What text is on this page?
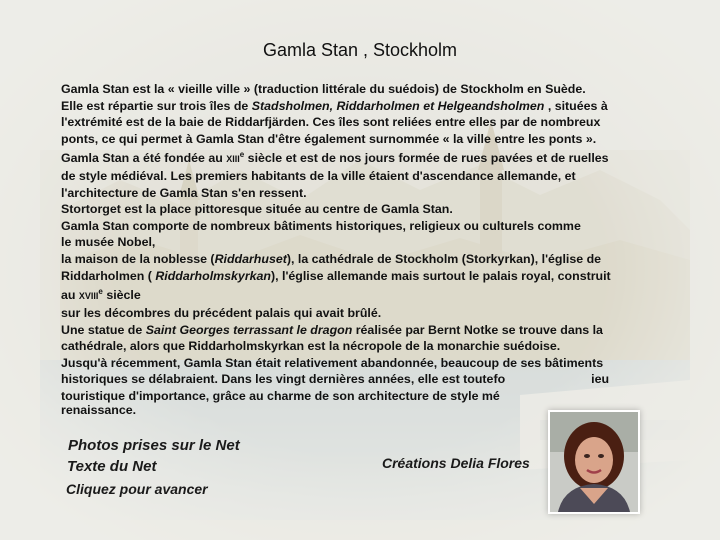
Gamla Stan , Stockholm

Gamla Stan est la « vieille ville » (traduction littérale du suédois) de Stockholm en Suède.

Elle est répartie sur trois îles de Stadsholmen, Riddarholmen et Helgeandsholmen , situées à

l'extrémité est de la baie de Riddarfjärden. Ces îles sont reliées entre elles par de nombreux

ponts, ce qui permet à Gamla Stan d'être également surnommée « la ville entre les ponts ».

Gamla Stan a été fondée au XIIIe siècle et est de nos jours formée de rues pavées et de ruelles

de style médiéval. Les premiers habitants de la ville étaient d'ascendance allemande, et

l'architecture de Gamla Stan s'en ressent.

Stortorget est la place pittoresque située au centre de Gamla Stan.

Gamla Stan comporte de nombreux bâtiments historiques, religieux ou culturels comme

le musée Nobel,

la maison de la noblesse (Riddarhuset), la cathédrale de Stockholm (Storkyrkan), l'église de

Riddarholmen ( Riddarholmskyrkan), l'église allemande mais surtout le palais royal, construit

au XVIIIe siècle

sur les décombres du précédent palais qui avait brûlé.

Une statue de Saint Georges terrassant le dragon réalisée par Bernt Notke se trouve dans la

cathédrale, alors que Riddarholmskyrkan est la nécropole de la monarchie suédoise.

Jusqu'à récemment, Gamla Stan était relativement abandonnée, beaucoup de ses bâtiments

historiques se délabraient. Dans les vingt dernières années, elle est toutefo	ieu

touristique d'importance, grâce au charme de son architecture de style mé

renaissance.

Photos prises sur le Net
Texte du Net
Cliquez pour avancer
Créations Delia Flores
